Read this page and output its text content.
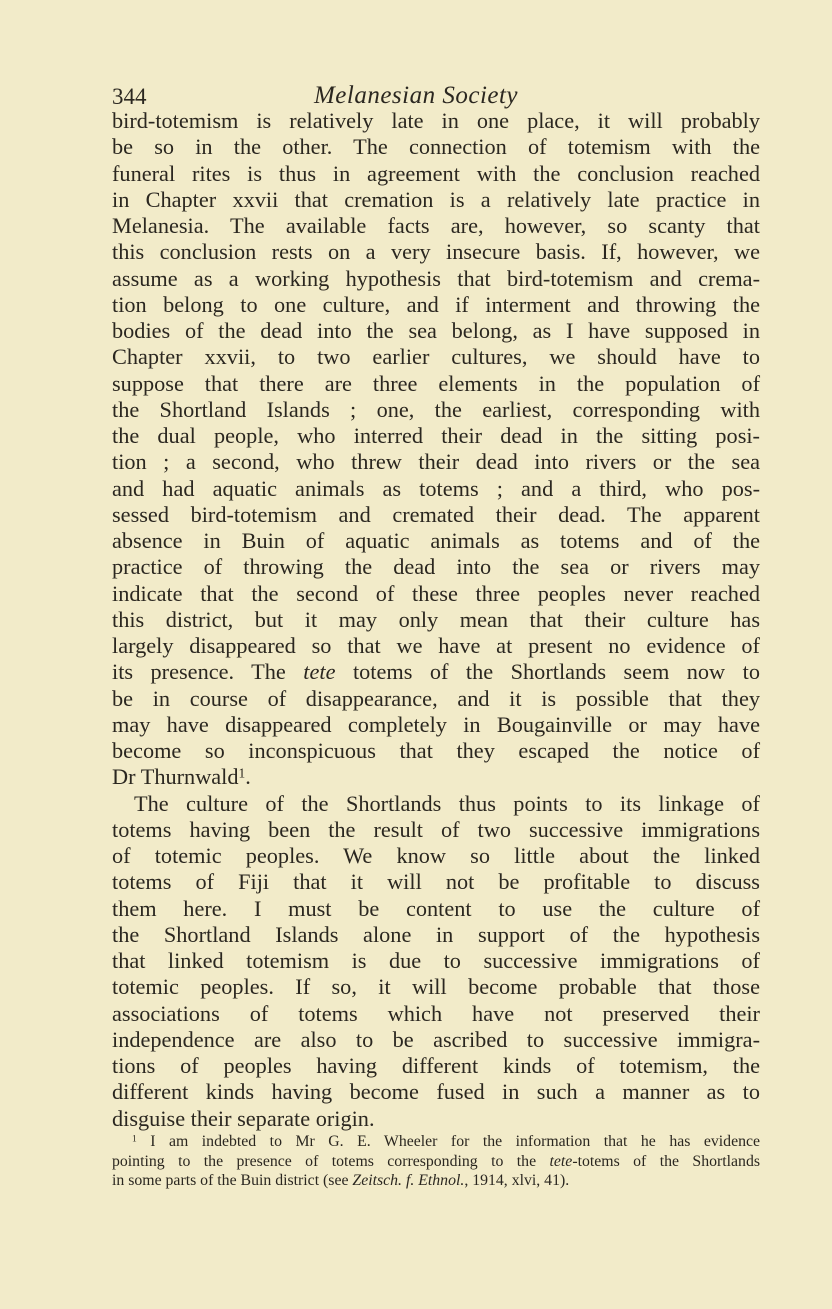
344	Melanesian Society
bird-totemism is relatively late in one place, it will probably
be so in the other. The connection of totemism with the
funeral rites is thus in agreement with the conclusion reached
in Chapter xxvii that cremation is a relatively late practice in
Melanesia. The available facts are, however, so scanty that
this conclusion rests on a very insecure basis. If, however, we
assume as a working hypothesis that bird-totemism and crema-
tion belong to one culture, and if interment and throwing the
bodies of the dead into the sea belong, as I have supposed in
Chapter xxvii, to two earlier cultures, we should have to
suppose that there are three elements in the population of
the Shortland Islands ; one, the earliest, corresponding with
the dual people, who interred their dead in the sitting posi-
tion ; a second, who threw their dead into rivers or the sea
and had aquatic animals as totems ; and a third, who pos-
sessed bird-totemism and cremated their dead. The apparent
absence in Buin of aquatic animals as totems and of the
practice of throwing the dead into the sea or rivers may
indicate that the second of these three peoples never reached
this district, but it may only mean that their culture has
largely disappeared so that we have at present no evidence of
its presence. The tete totems of the Shortlands seem now to
be in course of disappearance, and it is possible that they
may have disappeared completely in Bougainville or may have
become so inconspicuous that they escaped the notice of
Dr Thurnwald$^1$.
The culture of the Shortlands thus points to its linkage of
totems having been the result of two successive immigrations
of totemic peoples. We know so little about the linked
totems of Fiji that it will not be profitable to discuss
them here. I must be content to use the culture of
the Shortland Islands alone in support of the hypothesis
that linked totemism is due to successive immigrations of
totemic peoples. If so, it will become probable that those
associations of totems which have not preserved their
independence are also to be ascribed to successive immigra-
tions of peoples having different kinds of totemism, the
different kinds having become fused in such a manner as to
disguise their separate origin.
$^1$ I am indebted to Mr G. E. Wheeler for the information that he has evidence
pointing to the presence of totems corresponding to the tete-totems of the Shortlands
in some parts of the Buin district (see Zeitsch. f. Ethnol., 1914, xlvi, 41).
